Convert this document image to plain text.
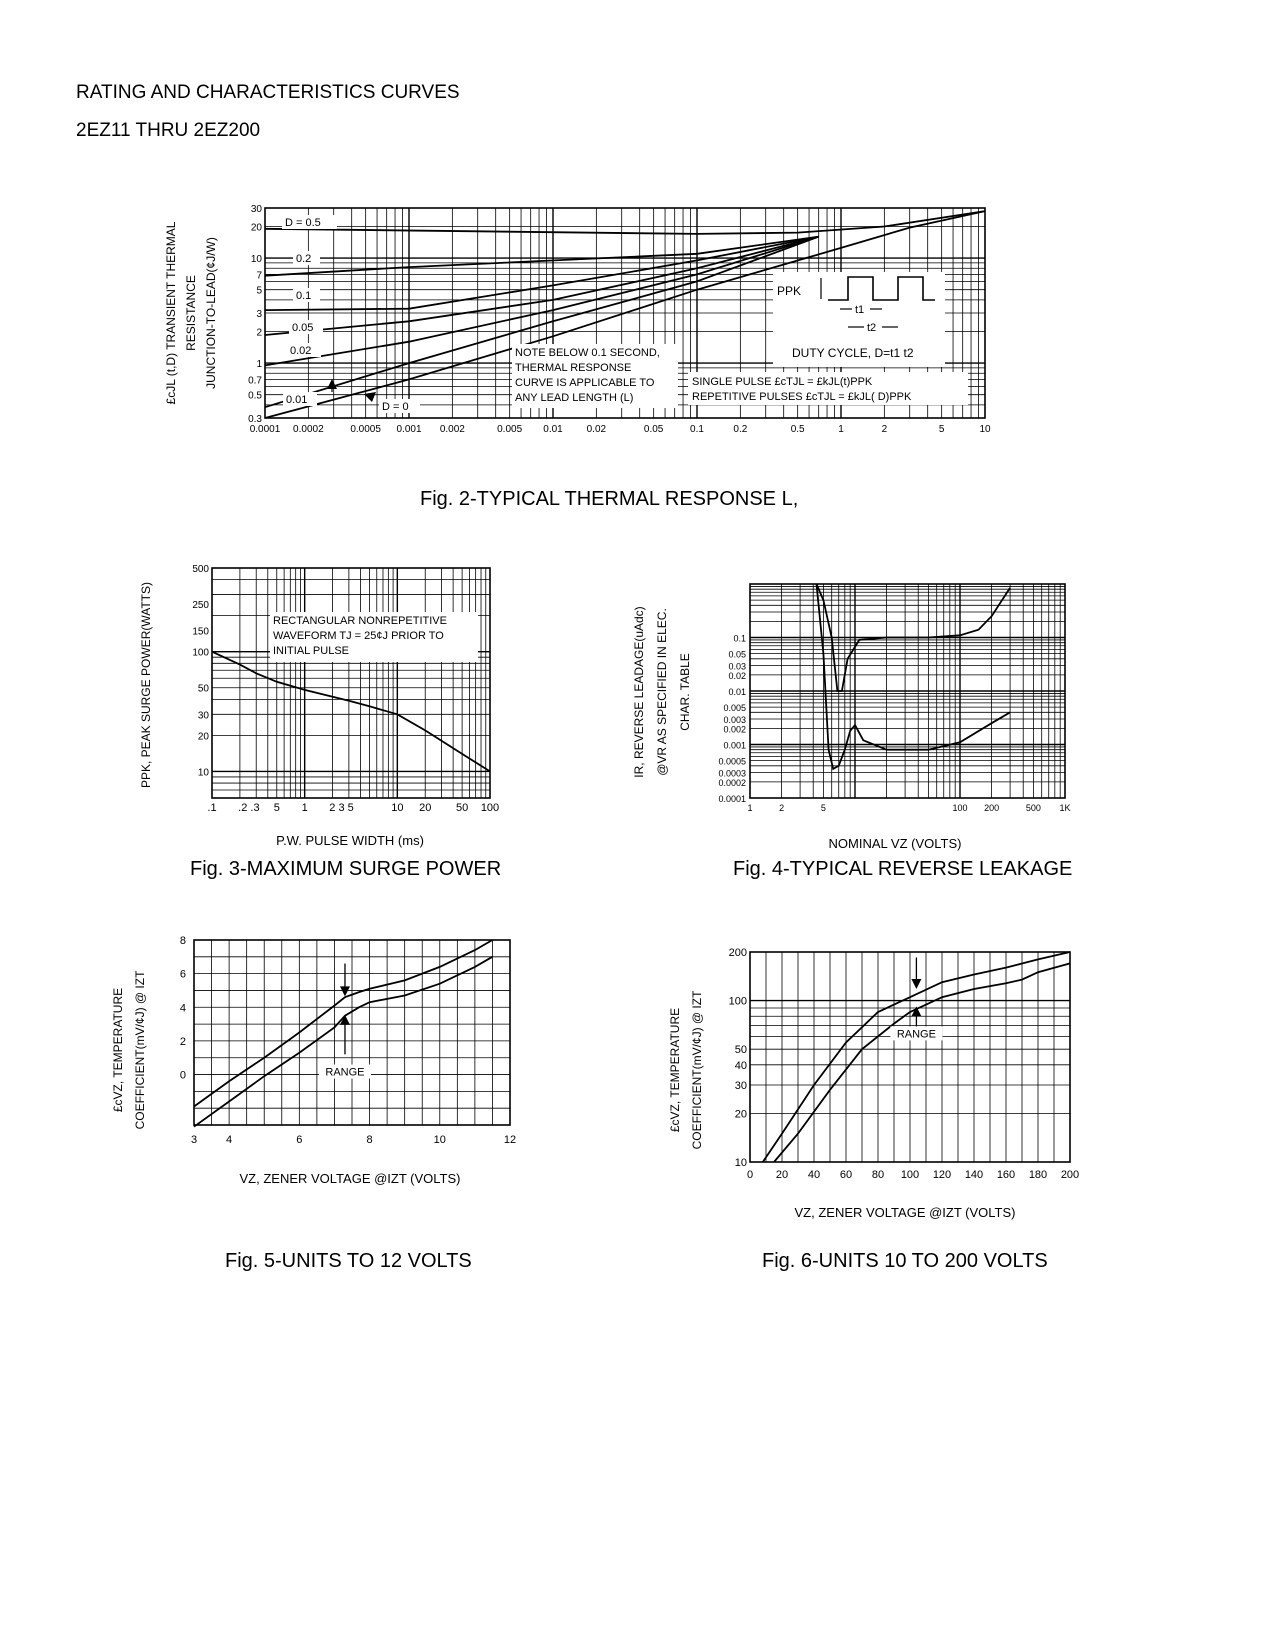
RATING AND CHARACTERISTICS CURVES
2EZ11 THRU 2EZ200
D = 0.5
0.2
0.1
0.05
0.02
0.01
D = 0
NOTE BELOW 0.1 SECOND,
THERMAL RESPONSE
CURVE IS APPLICABLE TO
ANY LEAD LENGTH (L)
SINGLE PULSE £cTJL = £kJL(t)PPK
REPETITIVE PULSES £cTJL = £kJL( D)PPK
PPK
t1
t2
DUTY CYCLE, D=t1 t2
0.0001 0.0002	0.0005 0.001 0.002	0.005 0.01 0.02	0.05	0.1	0.2	0.5	1	2	5	10
30
20
10
7
5
3
2
1
0.7
0.5
0.3
£cJL (t,D) TRANSIENT THERMAL RESISTANCE JUNCTION-TO-LEAD(¢J/W)
Fig. 2-TYPICAL THERMAL RESPONSE L,
RECTANGULAR NONREPETITIVE
WAVEFORM TJ = 25¢J PRIOR TO
INITIAL PULSE
.1 .2 .3 5 1 2 3 5	10 20 50 100
500
250
150
100
50
30
20
10
P.W. PULSE WIDTH (ms)
PPK, PEAK SURGE POWER(WATTS)
Fig. 3-MAXIMUM SURGE POWER
1	2	5	100 200	500 1K
0.1
0.05
0.03
0.02
0.01
0.005
0.003
0.002
0.001
0.0005
0.0003
0.0002
0.0001
NOMINAL VZ (VOLTS)
IR, REVERSE LEADAGE(uAdc) @VR AS SPECIFIED IN ELEC. CHAR. TABLE
Fig. 4-TYPICAL REVERSE LEAKAGE
RANGE
3	4	6	8	10	12
8
6
4
2
0
VZ, ZENER VOLTAGE @IZT (VOLTS)
£cVZ, TEMPERATURE COEFFICIENT(mV/¢J) @ IZT
Fig. 5-UNITS TO 12 VOLTS
RANGE
0 20 40 60 80 100 120 140 160 180 200
200
100
50
40
30
20
10
VZ, ZENER VOLTAGE @IZT (VOLTS)
£cVZ, TEMPERATURE COEFFICIENT(mV/¢J) @ IZT
Fig. 6-UNITS 10 TO 200 VOLTS
